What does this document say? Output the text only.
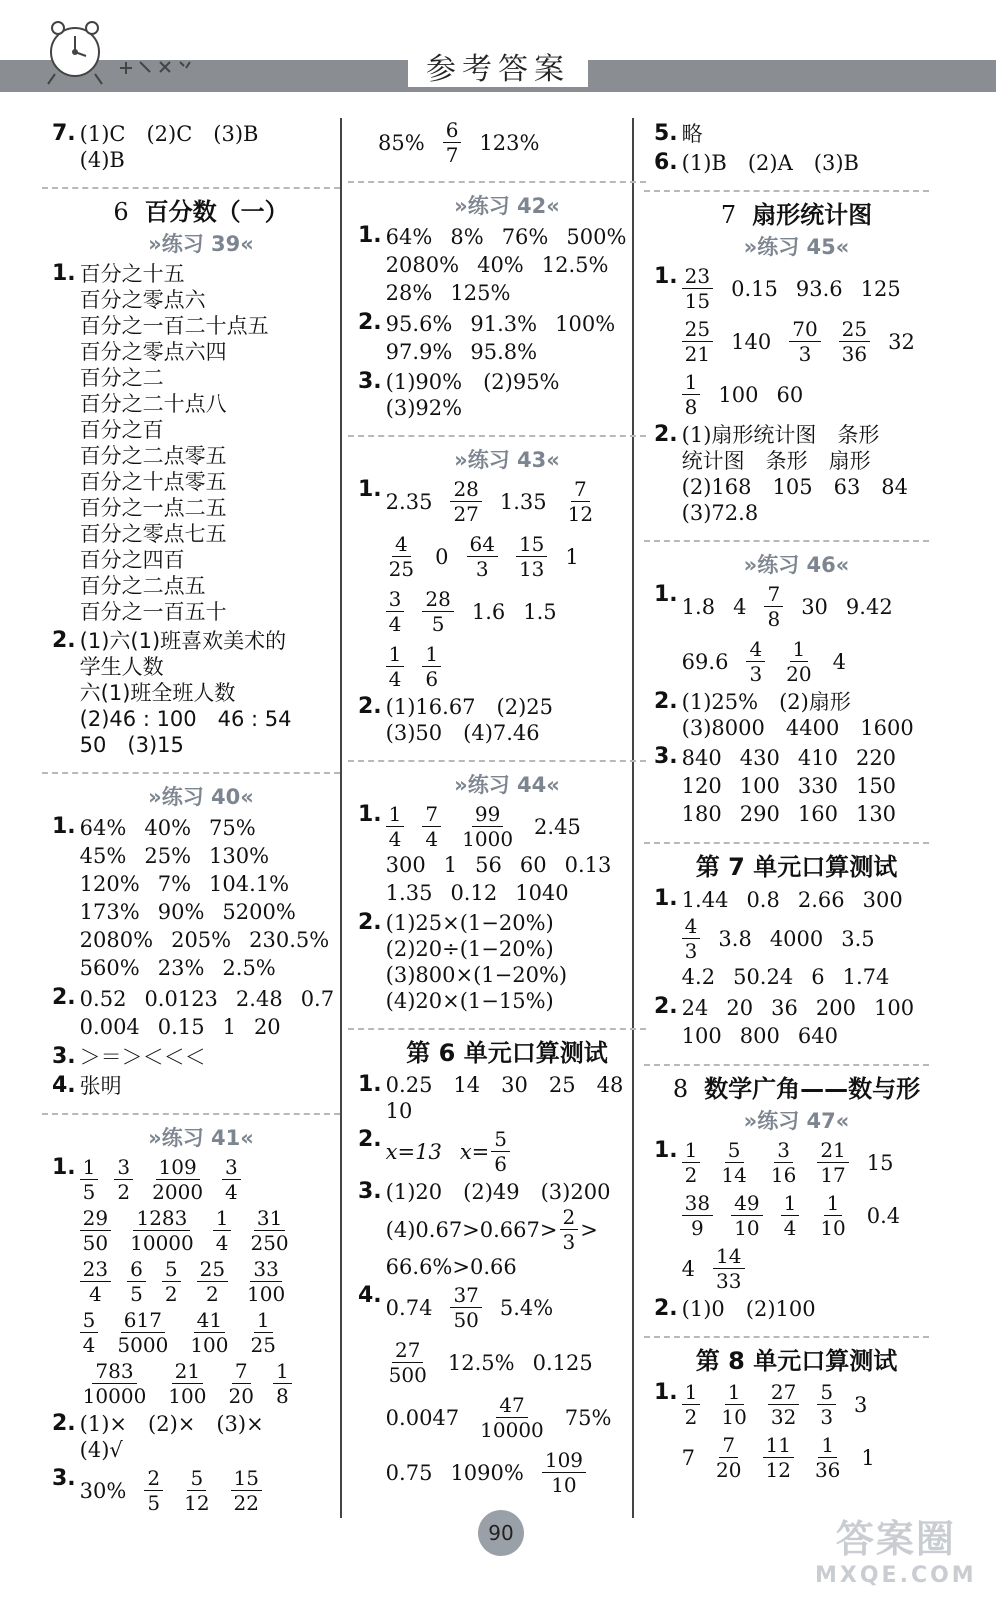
参考答案
7. (1)C　(2)C　(3)B
(4)B
6 百分数（一）
»练习 39«
1. 百分之十五
百分之零点六
百分之一百二十点五
百分之零点六四
百分之二
百分之二十点八
百分之百
百分之二点零五
百分之十点零五
百分之一点二五
百分之零点七五
百分之四百
百分之二点五
百分之一百五十
2. (1)六(1)班喜欢美术的
学生人数
六(1)班全班人数
(2)46 : 100　46 : 54
50　(3)15
»练习 40«
1. 64% 40% 75%
45% 25% 130%
120% 7% 104.1%
173% 90% 5200%
2080% 205% 230.5%
560% 23% 2.5%
2. 0.52 0.0123 2.48 0.7
0.004 0.15 1 20
3. ＞＝＞＜＜＜
4. 张明
»练习 41«
1. $\frac{1}{5} \frac{3}{2} \frac{109}{2000} \frac{3}{4}$
$\frac{29}{50} \frac{1283}{10000} \frac{1}{4} \frac{31}{250}$
$\frac{23}{4} \frac{6}{5} \frac{5}{2} \frac{25}{2} \frac{33}{100}$
$\frac{5}{4} \frac{617}{5000} \frac{41}{100} \frac{1}{25}$
$\frac{783}{10000} \frac{21}{100} \frac{7}{20} \frac{1}{8}$
2. (1)×　(2)×　(3)×
(4)√
3. $30\% \frac{2}{5} \frac{5}{12} \frac{15}{22}$
$85\% \frac{6}{7} 123\%$
»练习 42«
1. 64% 8% 76% 500%
2080% 40% 12.5%
28% 125%
2. 95.6% 91.3% 100%
97.9% 95.8%
3. (1)90%　(2)95%
(3)92%
»练习 43«
1. $2.35 \frac{28}{27} 1.35 \frac{7}{12}$
$\frac{4}{25} 0 \frac{64}{3} \frac{15}{13} 1$
$\frac{3}{4} \frac{28}{5} 1.6$ 1.5
$\frac{1}{4} \frac{1}{6}$
2. (1)16.67　(2)25
(3)50　(4)7.46
»练习 44«
1. $\frac{1}{4} \frac{7}{4} \frac{99}{1000} 2.45$
300 1 56 60 0.13
1.35 0.12 1040
2. (1)25×(1−20%)
(2)20÷(1−20%)
(3)800×(1−20%)
(4)20×(1−15%)
第 6 单元口算测试
1. 0.25　14　30　25　48
10
2. x=13 $x= \frac{5}{6}$
3. (1)20　(2)49　(3)200
$(4)0.67>0.667> \frac{2}{3}$ >
66.6%>0.66
4. $0.74 \frac{37}{50} 5.4\%$
$\frac{27}{500} 12.5\%$ 0.125
$0.0047 \frac{47}{10000} 75\%$
0.75 $1090\% \frac{109}{10}$
5. 略
6. (1)B　(2)A　(3)B
7 扇形统计图
»练习 45«
1. $\frac{23}{15} 0.15$ 93.6 125
$\frac{25}{21} 140 \frac{70}{3} \frac{25}{36} 32$
$\frac{1}{8} 100$ 60
2. (1)扇形统计图　条形
统计图　条形　扇形
(2)168　105　63　84
(3)72.8
»练习 46«
1. 1.8 $4 \frac{7}{8} 30$ 9.42
$69.6 \frac{4}{3} \frac{1}{20} 4$
2. (1)25%　(2)扇形
(3)8000　4400　1600
3. 840 430 410 220
120 100 330 150
180 290 160 130
第 7 单元口算测试
1. 1.44 0.8 2.66 300
$\frac{4}{3} 3.8$ 4000 3.5
4.2 50.24 6 1.74
2. 24 20 36 200 100
100 800 640
8 数学广角——数与形
»练习 47«
1. $\frac{1}{2} \frac{5}{14} \frac{3}{16} \frac{21}{17} 15$
$\frac{38}{9} \frac{49}{10} \frac{1}{4} \frac{1}{10} 0.4$
$4 \frac{14}{33}$
2. (1)0　(2)100
第 8 单元口算测试
1. $\frac{1}{2} \frac{1}{10} \frac{27}{32} \frac{5}{3} 3$
$7 \frac{7}{20} \frac{11}{12} \frac{1}{36} 1$
90	答案圈
MXQE.COM
